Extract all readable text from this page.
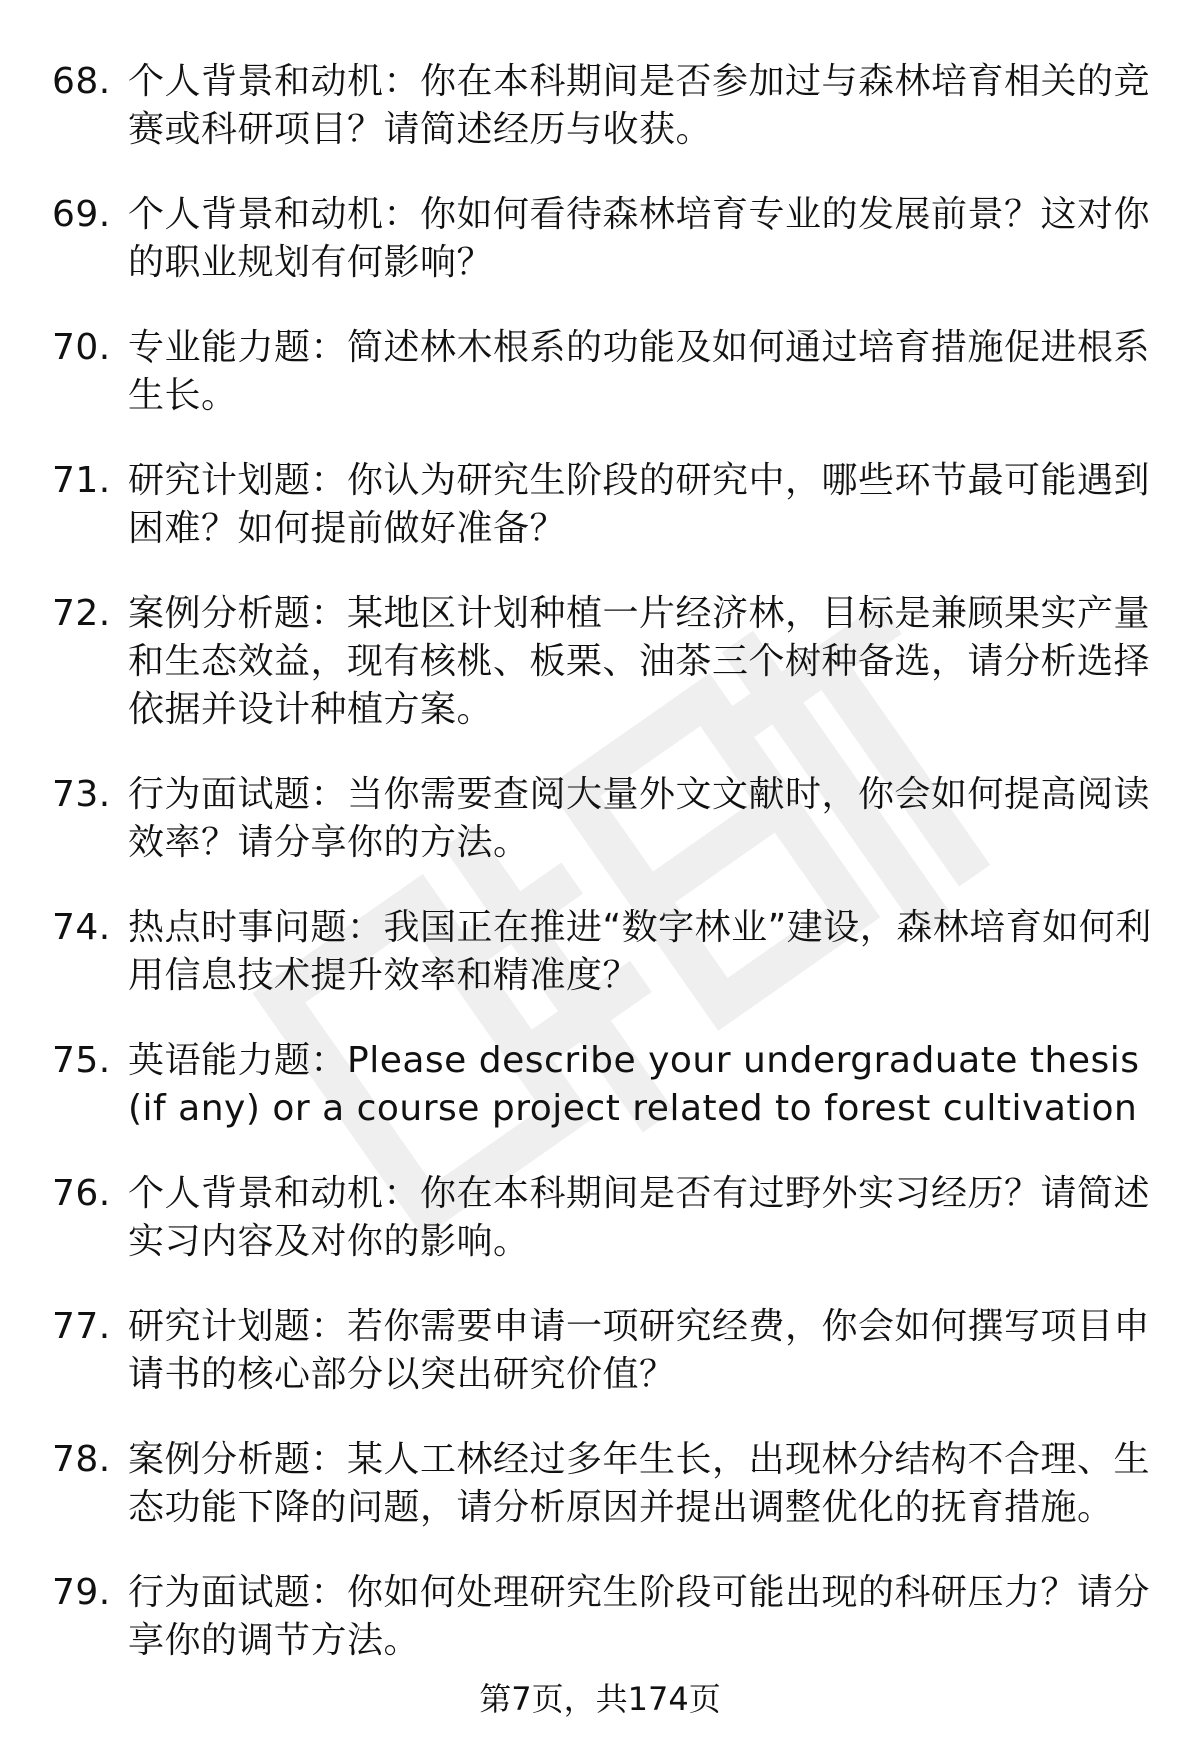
68. 个人背景和动机：你在本科期间是否参加过与森林培育相关的竞赛或科研项目？请简述经历与收获。
69. 个人背景和动机：你如何看待森林培育专业的发展前景？这对你的职业规划有何影响？
70. 专业能力题：简述林木根系的功能及如何通过培育措施促进根系生长。
71. 研究计划题：你认为研究生阶段的研究中，哪些环节最可能遇到困难？如何提前做好准备？
72. 案例分析题：某地区计划种植一片经济林，目标是兼顾果实产量和生态效益，现有核桃、板栗、油茶三个树种备选，请分析选择依据并设计种植方案。
73. 行为面试题：当你需要查阅大量外文文献时，你会如何提高阅读效率？请分享你的方法。
74. 热点时事问题：我国正在推进“数字林业”建设，森林培育如何利用信息技术提升效率和精准度？
75. 英语能力题：Please describe your undergraduate thesis (if any) or a course project related to forest cultivation
76. 个人背景和动机：你在本科期间是否有过野外实习经历？请简述实习内容及对你的影响。
77. 研究计划题：若你需要申请一项研究经费，你会如何撰写项目申请书的核心部分以突出研究价值？
78. 案例分析题：某人工林经过多年生长，出现林分结构不合理、生态功能下降的问题，请分析原因并提出调整优化的抚育措施。
79. 行为面试题：你如何处理研究生阶段可能出现的科研压力？请分享你的调节方法。
第7页，共174页
